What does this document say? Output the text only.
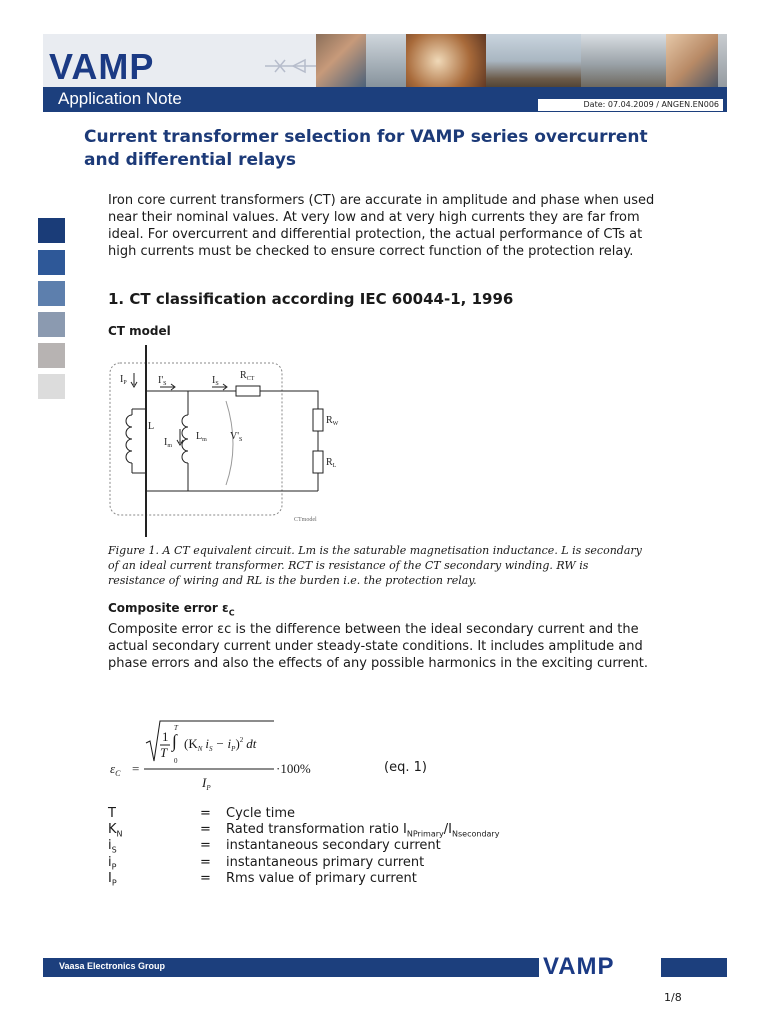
VAMP
Application Note	Date: 07.04.2009 / ANGEN.EN006
Current transformer selection for VAMP series overcurrent
and differential relays
Iron core current transformers (CT) are accurate in amplitude and phase when used near their nominal values. At very low and at very high currents they are far from ideal. For overcurrent and differential protection, the actual performance of CTs at high currents must be checked to ensure correct function of the protection relay.
1. CT classification according IEC 60044-1, 1996
CT model
$I_P$	$I'_S$	$I_S$
$R_{CT}$
L
$L_m$
$I_m$
$V'_S$
$R_W$
$R_L$
CTmodel
Figure 1. A CT equivalent circuit. Lm is the saturable magnetisation inductance. L is secondary of an ideal current transformer. RCT is resistance of the CT secondary winding. RW is resistance of wiring and RL is the burden i.e. the protection relay.
Composite error $\varepsilon_C$
Composite error εc is the difference between the ideal secondary current and the actual secondary current under steady-state conditions. It includes amplitude and phase errors and also the effects of any possible harmonics in the exciting current.
$\varepsilon_C$ =
1
T
∫
T
0
($K_N$ $i_S - i_P)^2$ dt
$I_P$
·100%	(eq. 1)
T	= Cycle time
$K_N$	= Rated transformation ratio $I_{NPrimary}/I_{Nsecondary}$
$i_S$	= instantaneous secondary current
$i_P$	= instantaneous primary current
$I_P$	= Rms value of primary current
Vaasa Electronics Group	VAMP
1/8
